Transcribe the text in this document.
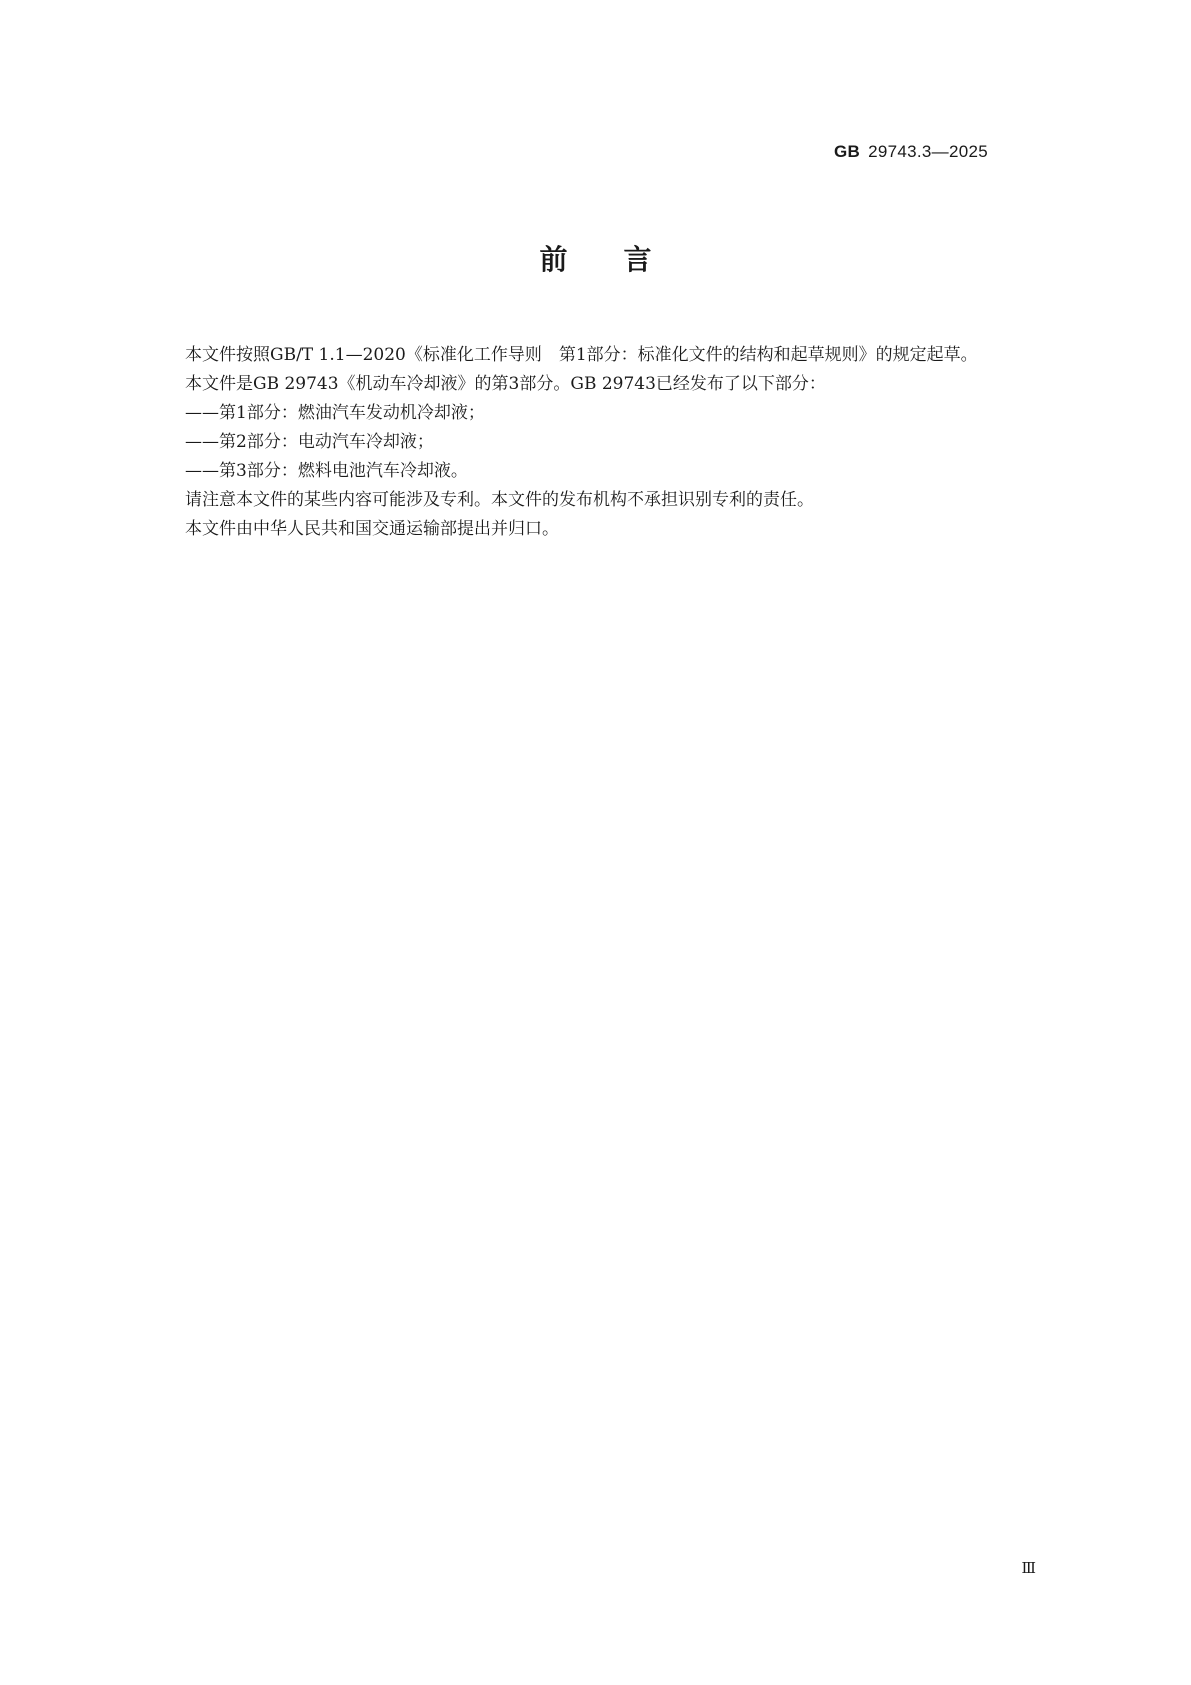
GB 29743.3—2025
前言

本文件按照GB/T 1.1—2020《标准化工作导则　第1部分：标准化文件的结构和起草规则》的规定起草。

本文件是GB 29743《机动车冷却液》的第3部分。GB 29743已经发布了以下部分：

——第1部分：燃油汽车发动机冷却液；

——第2部分：电动汽车冷却液；

——第3部分：燃料电池汽车冷却液。

请注意本文件的某些内容可能涉及专利。本文件的发布机构不承担识别专利的责任。

本文件由中华人民共和国交通运输部提出并归口。

Ⅲ
